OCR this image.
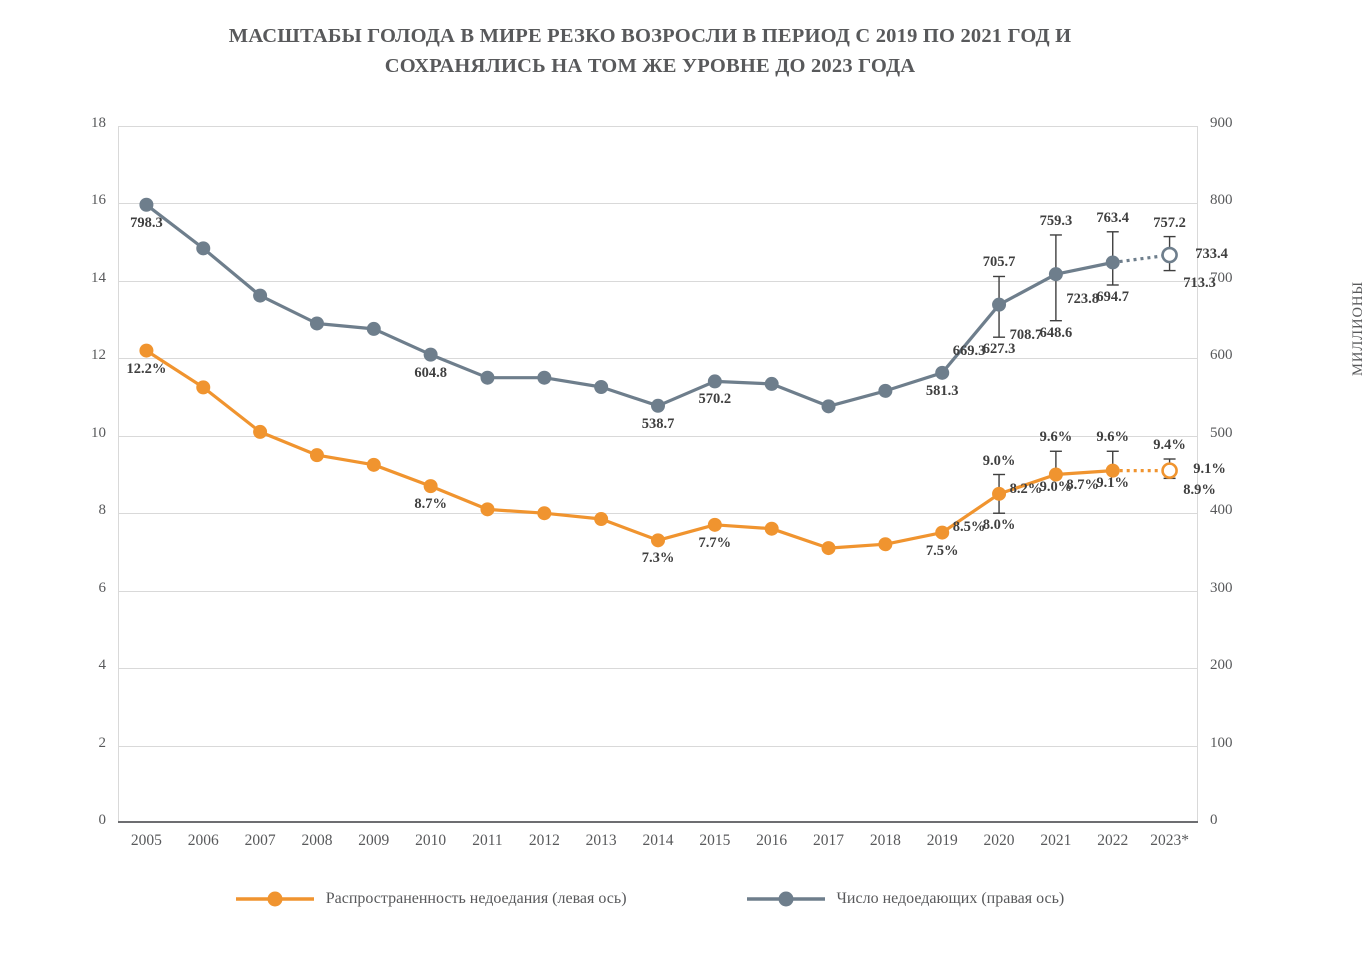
МАСШТАБЫ ГОЛОДА В МИРЕ РЕЗКО ВОЗРОСЛИ В ПЕРИОД С 2019 ПО 2021 ГОД И СОХРАНЯЛИСЬ НА ТОМ ЖЕ УРОВНЕ ДО 2023 ГОДА
0
2
4
6
8
10
12
14
16
18
0
100
200
300
400
500
600
700
800
900
2005	2006	2007	2008	2009	2010	2011	2012	2013	2014	2015	2016	2017	2018	2019	2020	2021	2022	2023*
12.2%
8.7%
7.3%
7.7%	7.5%
8.5%
8.2% 8.7%
9.0%
8.0%
9.6%
9.0%
9.6%
9.1%
9.4%
8.9%
9.1%
798.3
604.8
538.7
570.2
581.3
669.3
708.7
723.8
733.4
705.7
627.3
759.3
648.6
763.4
694.7
757.2
713.3	МИЛЛИОНЫ
Распространенность недоедания (левая ось)	Число недоедающих (правая ось)
